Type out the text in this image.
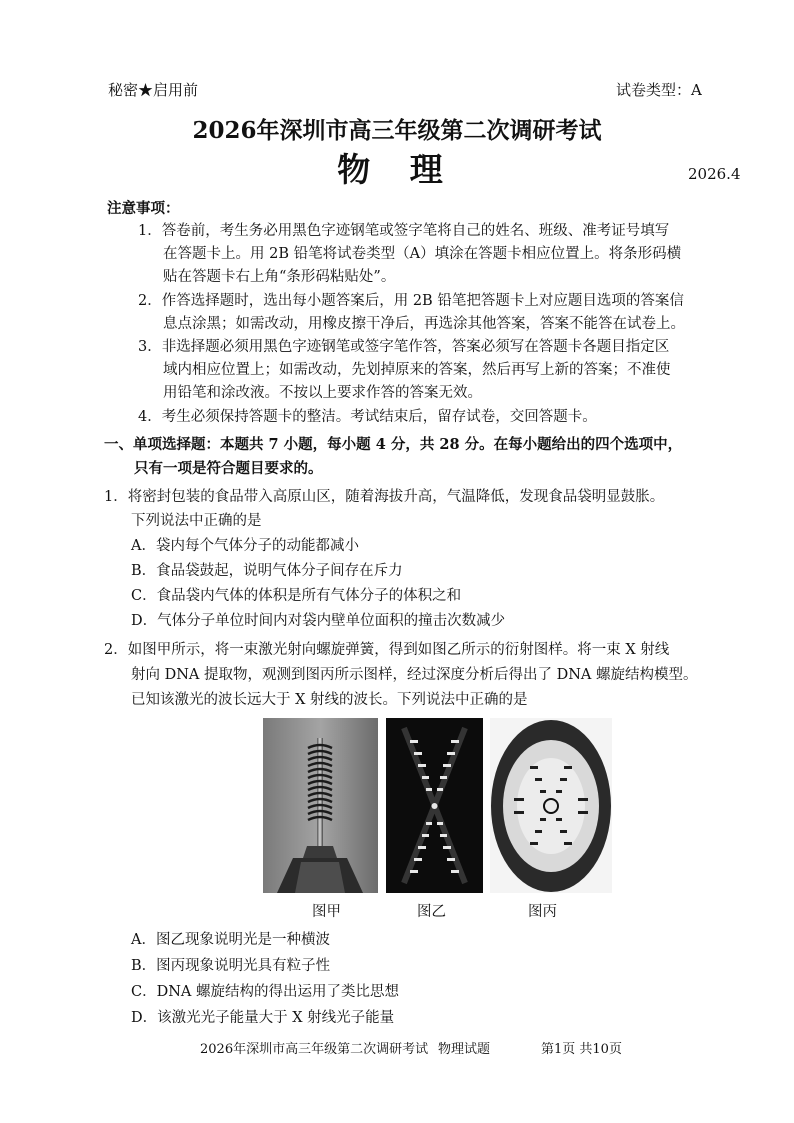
秘密★启用前	试卷类型：A
2026年深圳市高三年级第二次调研考试
物 理	2026.4
注意事项：
1．答卷前，考生务必用黑色字迹钢笔或签字笔将自己的姓名、班级、准考证号填写
在答题卡上。用 2B 铅笔将试卷类型（A）填涂在答题卡相应位置上。将条形码横
贴在答题卡右上角“条形码粘贴处”。
2．作答选择题时，选出每小题答案后，用 2B 铅笔把答题卡上对应题目选项的答案信
息点涂黑；如需改动，用橡皮擦干净后，再选涂其他答案，答案不能答在试卷上。
3．非选择题必须用黑色字迹钢笔或签字笔作答，答案必须写在答题卡各题目指定区
域内相应位置上；如需改动，先划掉原来的答案，然后再写上新的答案；不准使
用铅笔和涂改液。不按以上要求作答的答案无效。
4．考生必须保持答题卡的整洁。考试结束后，留存试卷，交回答题卡。
一、单项选择题：本题共 7 小题，每小题 4 分，共 28 分。在每小题给出的四个选项中，
只有一项是符合题目要求的。
1．将密封包装的食品带入高原山区，随着海拔升高，气温降低，发现食品袋明显鼓胀。
下列说法中正确的是
A．袋内每个气体分子的动能都减小
B．食品袋鼓起，说明气体分子间存在斥力
C．食品袋内气体的体积是所有气体分子的体积之和
D．气体分子单位时间内对袋内壁单位面积的撞击次数减少
2．如图甲所示，将一束激光射向螺旋弹簧，得到如图乙所示的衍射图样。将一束 X 射线
射向 DNA 提取物，观测到图丙所示图样，经过深度分析后得出了 DNA 螺旋结构模型。
已知该激光的波长远大于 X 射线的波长。下列说法中正确的是
图甲	图乙	图丙
A．图乙现象说明光是一种横波
B．图丙现象说明光具有粒子性
C．DNA 螺旋结构的得出运用了类比思想
D．该激光光子能量大于 X 射线光子能量
2026年深圳市高三年级第二次调研考试 物理试题	第1页 共10页
